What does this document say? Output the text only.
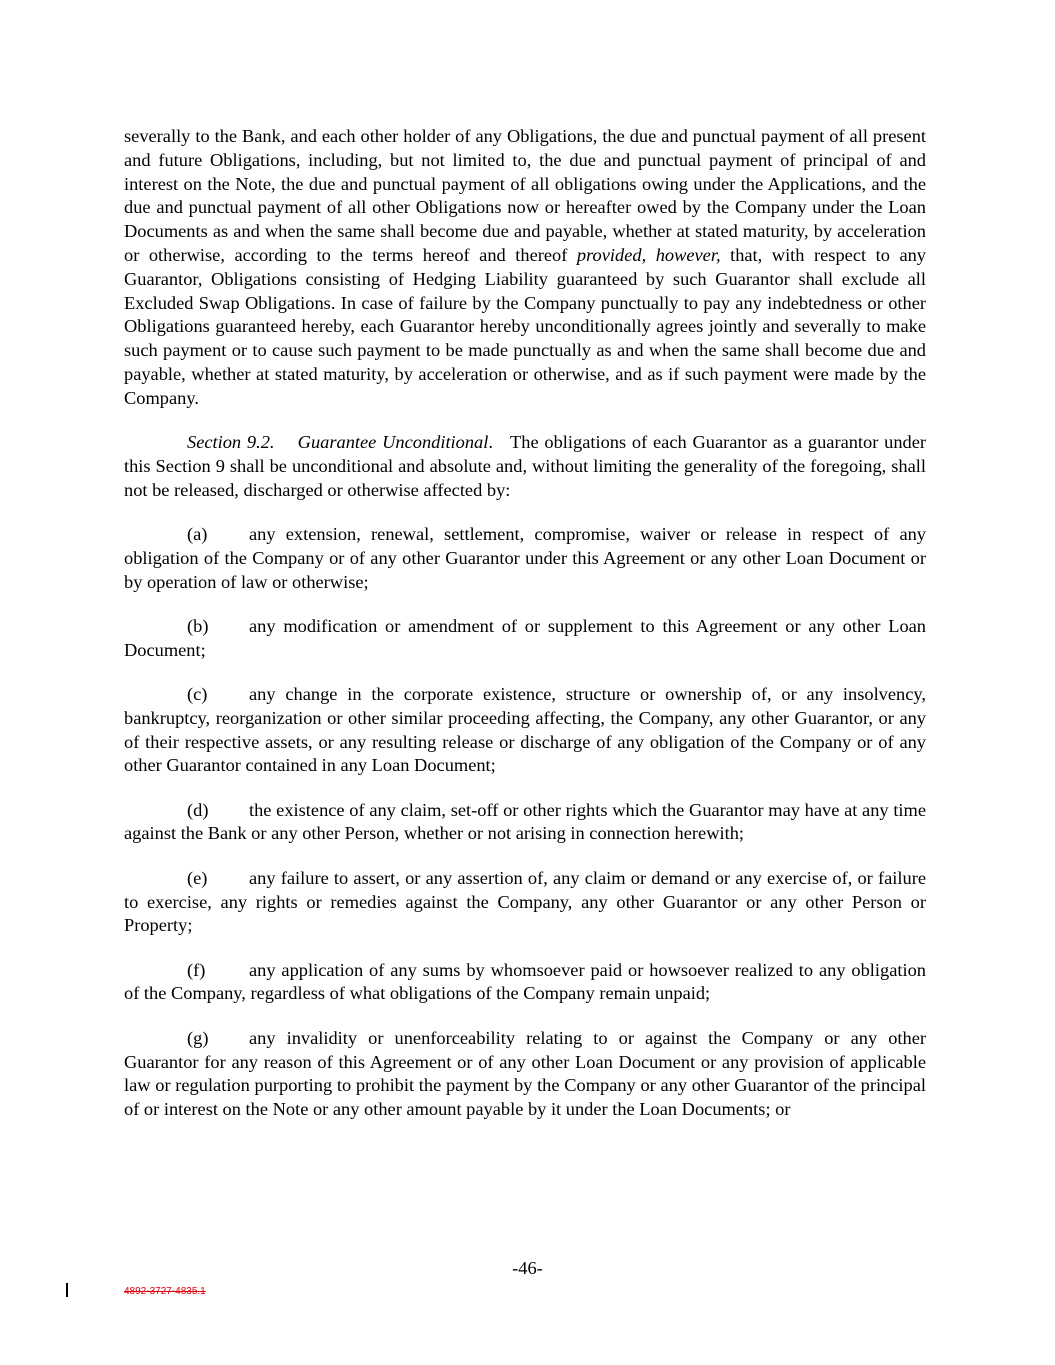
severally to the Bank, and each other holder of any Obligations, the due and punctual payment of all present and future Obligations, including, but not limited to, the due and punctual payment of principal of and interest on the Note, the due and punctual payment of all obligations owing under the Applications, and the due and punctual payment of all other Obligations now or hereafter owed by the Company under the Loan Documents as and when the same shall become due and payable, whether at stated maturity, by acceleration or otherwise, according to the terms hereof and thereof provided, however, that, with respect to any Guarantor, Obligations consisting of Hedging Liability guaranteed by such Guarantor shall exclude all Excluded Swap Obligations. In case of failure by the Company punctually to pay any indebtedness or other Obligations guaranteed hereby, each Guarantor hereby unconditionally agrees jointly and severally to make such payment or to cause such payment to be made punctually as and when the same shall become due and payable, whether at stated maturity, by acceleration or otherwise, and as if such payment were made by the Company.

Section 9.2. Guarantee Unconditional.   The obligations of each Guarantor as a guarantor under this Section 9 shall be unconditional and absolute and, without limiting the generality of the foregoing, shall not be released, discharged or otherwise affected by:

(a) any extension, renewal, settlement, compromise, waiver or release in respect of any obligation of the Company or of any other Guarantor under this Agreement or any other Loan Document or by operation of law or otherwise;

(b) any modification or amendment of or supplement to this Agreement or any other Loan Document;

(c) any change in the corporate existence, structure or ownership of, or any insolvency, bankruptcy, reorganization or other similar proceeding affecting, the Company, any other Guarantor, or any of their respective assets, or any resulting release or discharge of any obligation of the Company or of any other Guarantor contained in any Loan Document;

(d) the existence of any claim, set-off or other rights which the Guarantor may have at any time against the Bank or any other Person, whether or not arising in connection herewith;

(e) any failure to assert, or any assertion of, any claim or demand or any exercise of, or failure to exercise, any rights or remedies against the Company, any other Guarantor or any other Person or Property;

(f) any application of any sums by whomsoever paid or howsoever realized to any obligation of the Company, regardless of what obligations of the Company remain unpaid;

(g) any invalidity or unenforceability relating to or against the Company or any other Guarantor for any reason of this Agreement or of any other Loan Document or any provision of applicable law or regulation purporting to prohibit the payment by the Company or any other Guarantor of the principal of or interest on the Note or any other amount payable by it under the Loan Documents; or

-46-
4892-3727-4835.1
